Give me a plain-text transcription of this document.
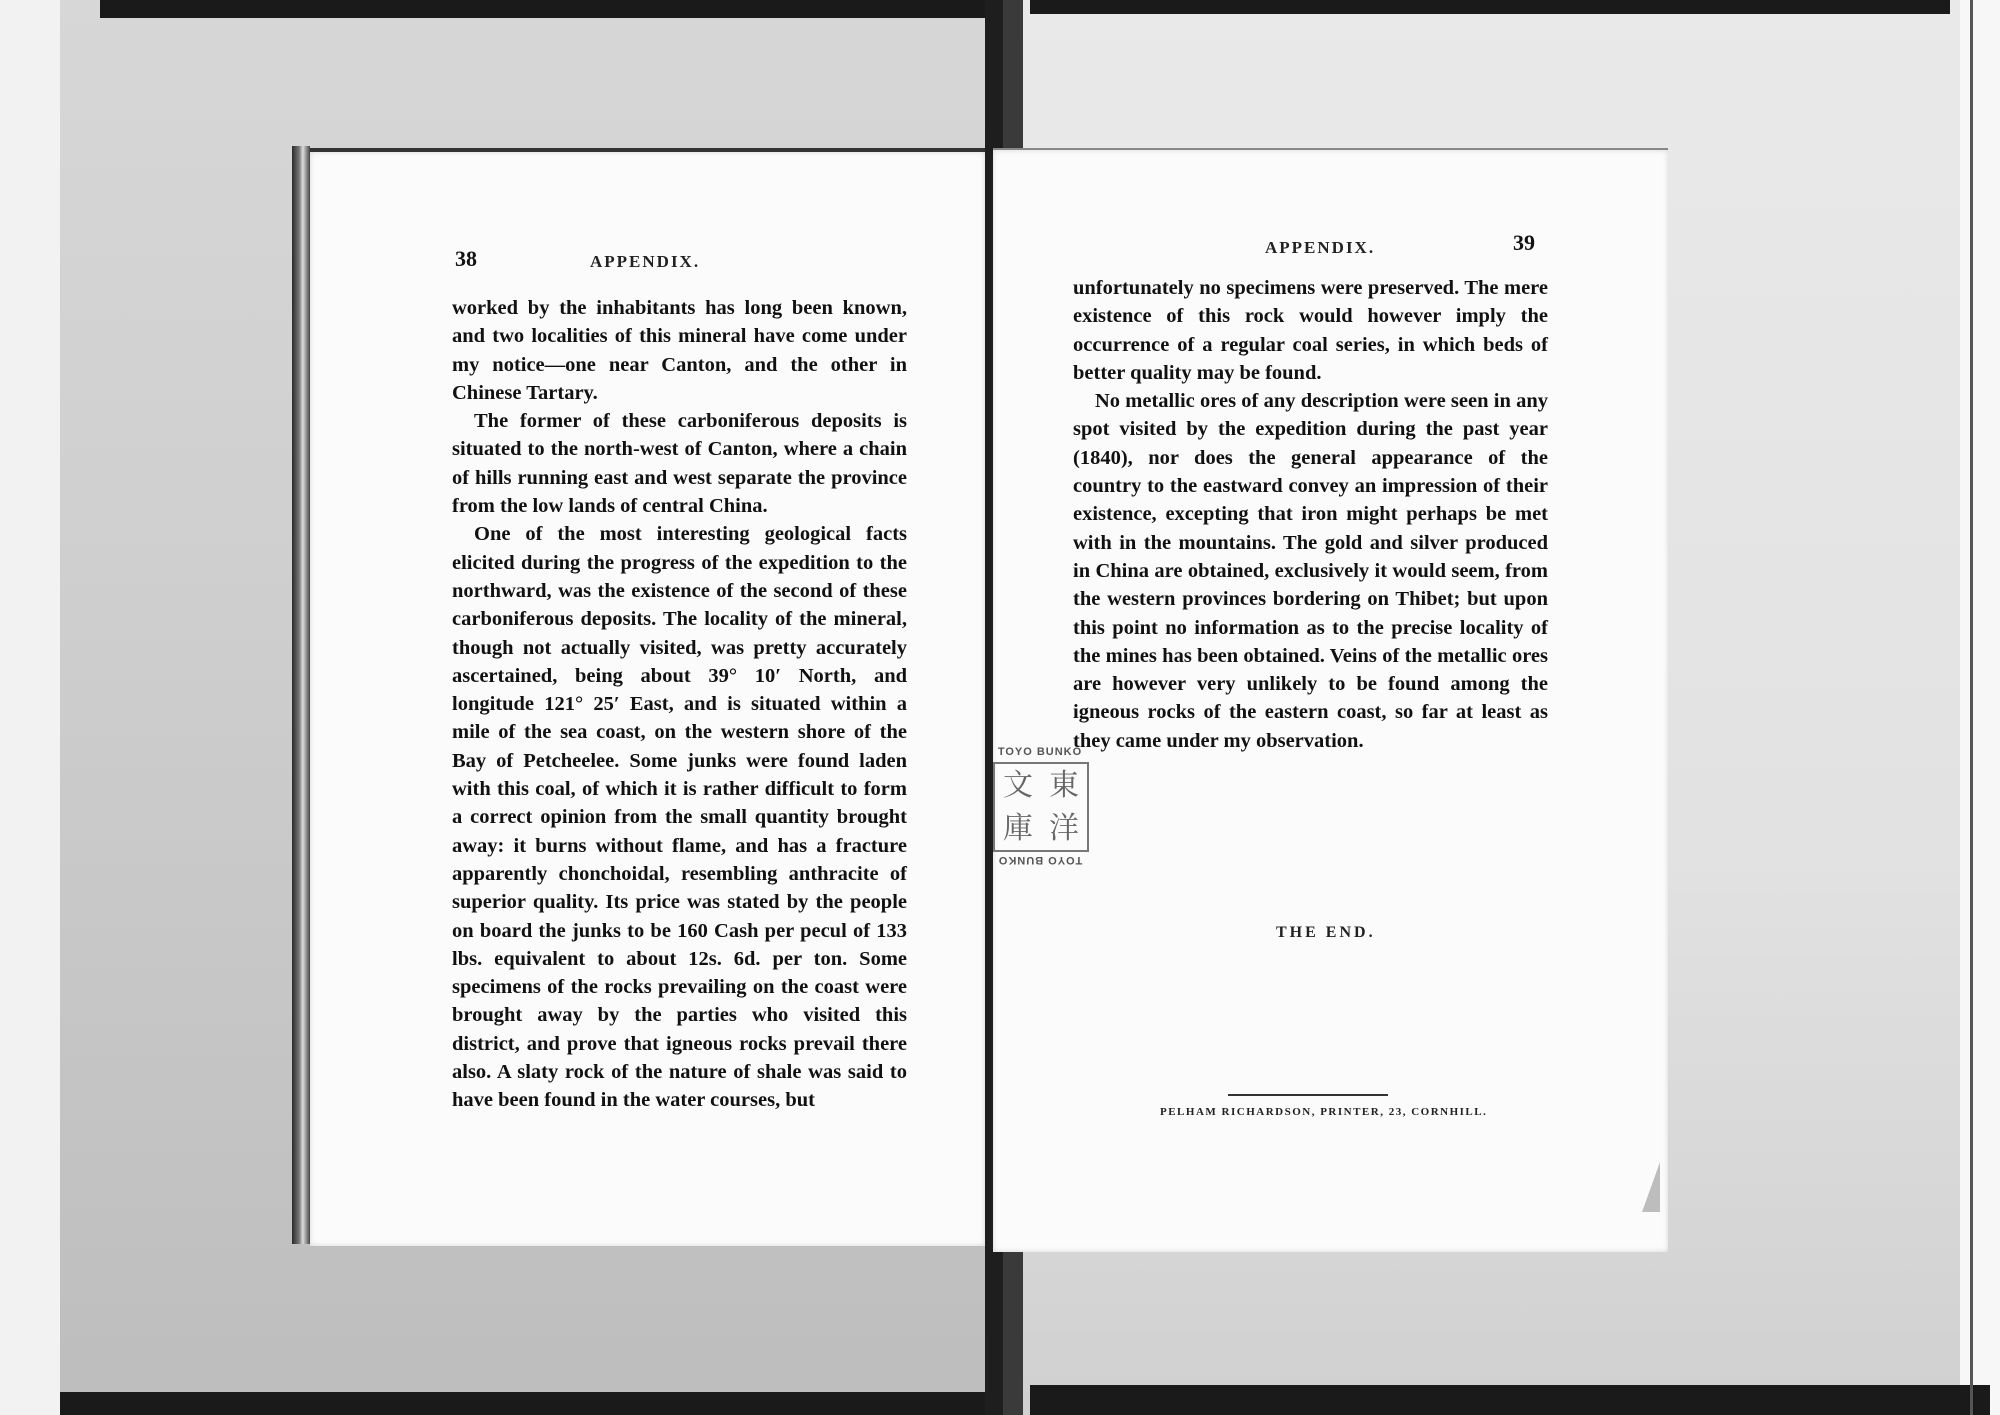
38	APPENDIX.

worked by the inhabitants has long been known, and two localities of this mineral have come under my notice—one near Canton, and the other in Chinese Tartary.

The former of these carboniferous deposits is situated to the north-west of Canton, where a chain of hills running east and west separate the province from the low lands of central China.

One of the most interesting geological facts elicited during the progress of the expedition to the northward, was the existence of the second of these carboniferous deposits. The locality of the mineral, though not actually visited, was pretty accurately ascertained, being about 39° 10′ North, and longitude 121° 25′ East, and is situated within a mile of the sea coast, on the western shore of the Bay of Petcheelee. Some junks were found laden with this coal, of which it is rather difficult to form a correct opinion from the small quantity brought away: it burns without flame, and has a fracture apparently chonchoidal, resembling anthracite of superior quality. Its price was stated by the people on board the junks to be 160 Cash per pecul of 133 lbs. equivalent to about 12s. 6d. per ton. Some specimens of the rocks prevailing on the coast were brought away by the parties who visited this district, and prove that igneous rocks prevail there also. A slaty rock of the nature of shale was said to have been found in the water courses, but

APPENDIX.	39

unfortunately no specimens were preserved. The mere existence of this rock would however imply the occurrence of a regular coal series, in which beds of better quality may be found.

No metallic ores of any description were seen in any spot visited by the expedition during the past year (1840), nor does the general appearance of the country to the eastward convey an impression of their existence, excepting that iron might perhaps be met with in the mountains. The gold and silver produced in China are obtained, exclusively it would seem, from the western provinces bordering on Thibet; but upon this point no information as to the precise locality of the mines has been obtained. Veins of the metallic ores are however very unlikely to be found among the igneous rocks of the eastern coast, so far at least as they came under my observation.

THE END.
PELHAM RICHARDSON, PRINTER, 23, CORNHILL.
TOYO BUNKO
文 東
庫 洋
TOYO BUNKO
